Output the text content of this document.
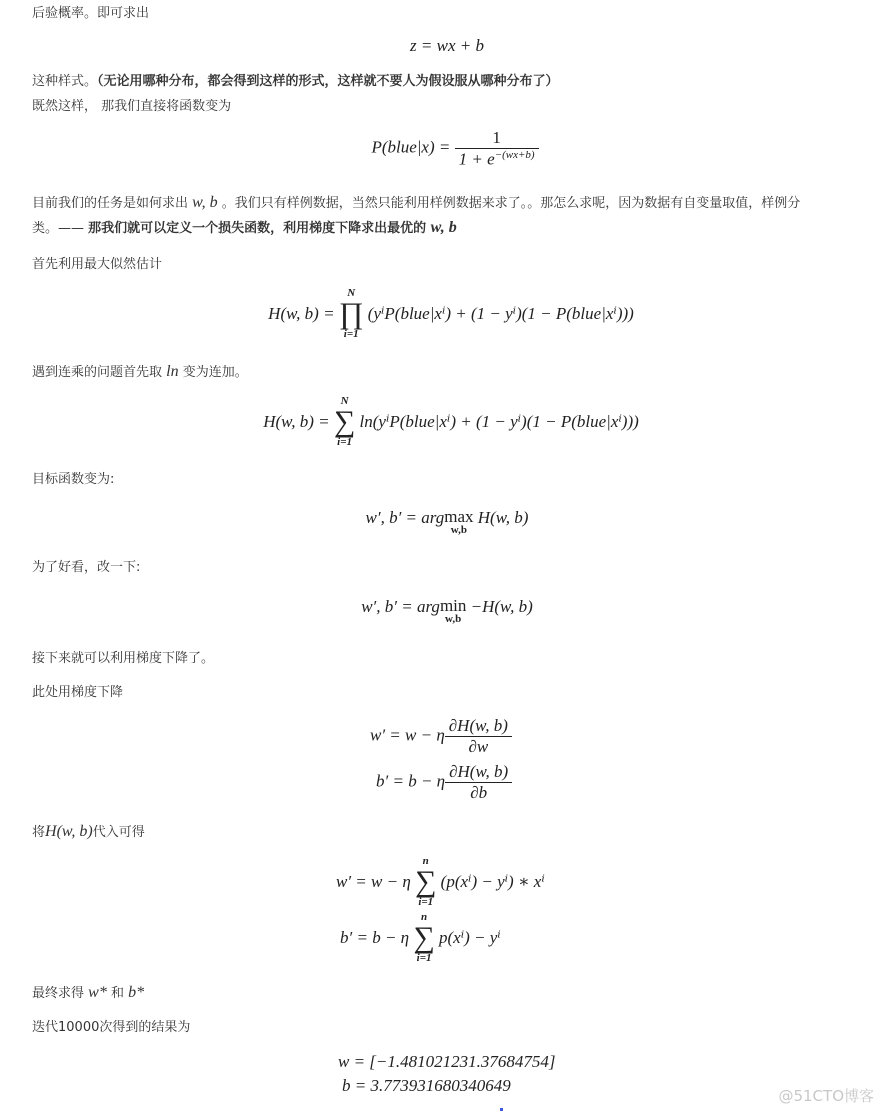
后验概率。即可求出
z = wx + b
这种样式。（无论用哪种分布，都会得到这样的形式，这样就不要人为假设服从哪种分布了）
既然这样， 那我们直接将函数变为
P(blue|x) = $\frac{1}{1 + e^{-(wx+b)}}$
目前我们的任务是如何求出 w, b 。我们只有样例数据，当然只能利用样例数据来求了。。那怎么求呢，因为数据有自变量取值，样例分
类。—— 那我们就可以定义一个损失函数，利用梯度下降求出最优的 w, b
首先利用最大似然估计
H(w, b) =
N
∏
i=1
(yⁱP(blue|xⁱ) + (1 − yⁱ)(1 − P(blue|xⁱ)))
遇到连乘的问题首先取 ln 变为连加。
H(w, b) =
N
∑
i=1
ln(yⁱP(blue|xⁱ) + (1 − yⁱ)(1 − P(blue|xⁱ)))
目标函数变为:
w′, b′ = argmax
w,b
H(w, b)
为了好看，改一下:
w′, b′ = argmin
w,b
−H(w, b)
接下来就可以利用梯度下降了。
此处用梯度下降
w′ = w − η $\frac{\partial H(w, b)}{\partial w}$
b′ = b − η $\frac{\partial H(w, b)}{\partial b}$
将H(w, b)代入可得
w′ = w − η
n
∑
i=1
(p(xⁱ) − yⁱ) ∗ xⁱ
b′ = b − η
n
∑
i=1
p(xⁱ) − yⁱ
最终求得 w* 和 b*
迭代10000次得到的结果为
w = [−1.481021231.37684754]
b = 3.773931680340649
@51CTO博客
